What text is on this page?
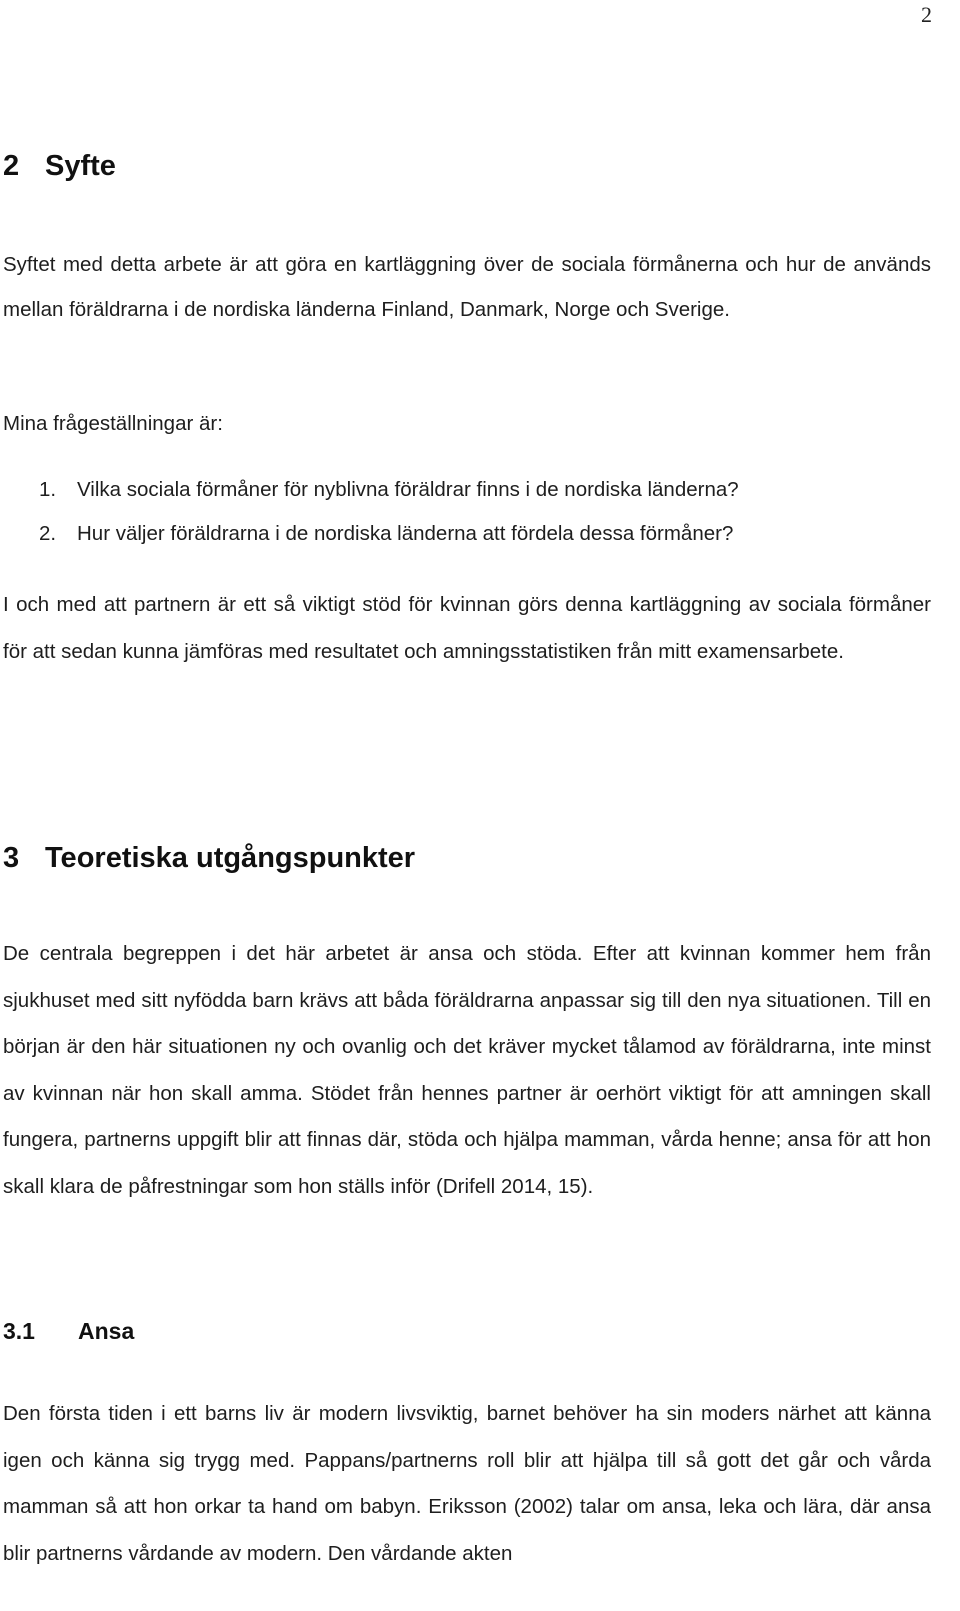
2
2 Syfte

Syftet med detta arbete är att göra en kartläggning över de sociala förmånerna och hur de används mellan föräldrarna i de nordiska länderna Finland, Danmark, Norge och Sverige.

Mina frågeställningar är:

1. Vilka sociala förmåner för nyblivna föräldrar finns i de nordiska länderna?
2. Hur väljer föräldrarna i de nordiska länderna att fördela dessa förmåner?

I och med att partnern är ett så viktigt stöd för kvinnan görs denna kartläggning av sociala förmåner för att sedan kunna jämföras med resultatet och amningsstatistiken från mitt examensarbete.

3 Teoretiska utgångspunkter

De centrala begreppen i det här arbetet är ansa och stöda. Efter att kvinnan kommer hem från sjukhuset med sitt nyfödda barn krävs att båda föräldrarna anpassar sig till den nya situationen. Till en början är den här situationen ny och ovanlig och det kräver mycket tålamod av föräldrarna, inte minst av kvinnan när hon skall amma. Stödet från hennes partner är oerhört viktigt för att amningen skall fungera, partnerns uppgift blir att finnas där, stöda och hjälpa mamman, vårda henne; ansa för att hon skall klara de påfrestningar som hon ställs inför (Drifell 2014, 15).

3.1 Ansa

Den första tiden i ett barns liv är modern livsviktig, barnet behöver ha sin moders närhet att känna igen och känna sig trygg med. Pappans/partnerns roll blir att hjälpa till så gott det går och vårda mamman så att hon orkar ta hand om babyn. Eriksson (2002) talar om ansa, leka och lära, där ansa blir partnerns vårdande av modern. Den vårdande akten
